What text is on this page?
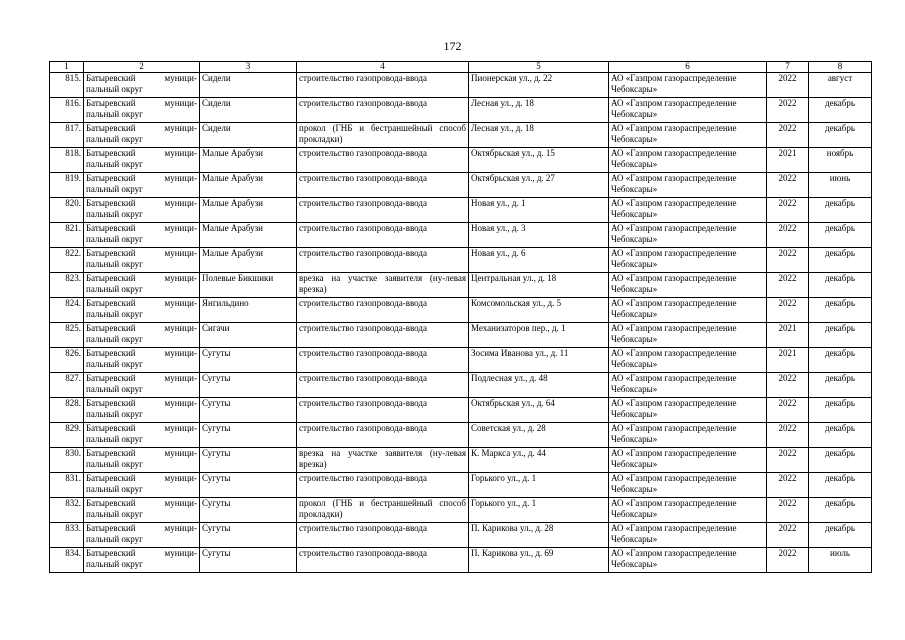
172
1	2	3	4	5	6	7	8
815.	Батыревский муници-пальный округ	Сидели	строительство газопровода-ввода	Пионерская ул., д. 22	АО «Газпром газораспределение Чебоксары»	2022	август
816.	Батыревский муници-пальный округ	Сидели	строительство газопровода-ввода	Лесная ул., д. 18	АО «Газпром газораспределение Чебоксары»	2022	декабрь
817.	Батыревский муници-пальный округ	Сидели	прокол (ГНБ и бестраншейный способ прокладки)	Лесная ул., д. 18	АО «Газпром газораспределение Чебоксары»	2022	декабрь
818.	Батыревский муници-пальный округ	Малые Арабузи	строительство газопровода-ввода	Октябрьская ул., д. 15	АО «Газпром газораспределение Чебоксары»	2021	ноябрь
819.	Батыревский муници-пальный округ	Малые Арабузи	строительство газопровода-ввода	Октябрьская ул., д. 27	АО «Газпром газораспределение Чебоксары»	2022	июнь
820.	Батыревский муници-пальный округ	Малые Арабузи	строительство газопровода-ввода	Новая ул., д. 1	АО «Газпром газораспределение Чебоксары»	2022	декабрь
821.	Батыревский муници-пальный округ	Малые Арабузи	строительство газопровода-ввода	Новая ул., д. 3	АО «Газпром газораспределение Чебоксары»	2022	декабрь
822.	Батыревский муници-пальный округ	Малые Арабузи	строительство газопровода-ввода	Новая ул., д. 6	АО «Газпром газораспределение Чебоксары»	2022	декабрь
823.	Батыревский муници-пальный округ	Полевые Бикшики	врезка на участке заявителя (ну-левая врезка)	Центральная ул., д. 18	АО «Газпром газораспределение Чебоксары»	2022	декабрь
824.	Батыревский муници-пальный округ	Янгильдино	строительство газопровода-ввода	Комсомольская ул., д. 5	АО «Газпром газораспределение Чебоксары»	2022	декабрь
825.	Батыревский муници-пальный округ	Сигачи	строительство газопровода-ввода	Механизаторов пер., д. 1	АО «Газпром газораспределение Чебоксары»	2021	декабрь
826.	Батыревский муници-пальный округ	Сугуты	строительство газопровода-ввода	Зосима Иванова ул., д. 11	АО «Газпром газораспределение Чебоксары»	2021	декабрь
827.	Батыревский муници-пальный округ	Сугуты	строительство газопровода-ввода	Подлесная ул., д. 48	АО «Газпром газораспределение Чебоксары»	2022	декабрь
828.	Батыревский муници-пальный округ	Сугуты	строительство газопровода-ввода	Октябрьская ул., д. 64	АО «Газпром газораспределение Чебоксары»	2022	декабрь
829.	Батыревский муници-пальный округ	Сугуты	строительство газопровода-ввода	Советская ул., д. 28	АО «Газпром газораспределение Чебоксары»	2022	декабрь
830.	Батыревский муници-пальный округ	Сугуты	врезка на участке заявителя (ну-левая врезка)	К. Маркса ул., д. 44	АО «Газпром газораспределение Чебоксары»	2022	декабрь
831.	Батыревский муници-пальный округ	Сугуты	строительство газопровода-ввода	Горького ул., д. 1	АО «Газпром газораспределение Чебоксары»	2022	декабрь
832.	Батыревский муници-пальный округ	Сугуты	прокол (ГНБ и бестраншейный способ прокладки)	Горького ул., д. 1	АО «Газпром газораспределение Чебоксары»	2022	декабрь
833.	Батыревский муници-пальный округ	Сугуты	строительство газопровода-ввода	П. Карикова ул., д. 28	АО «Газпром газораспределение Чебоксары»	2022	декабрь
834.	Батыревский муници-пальный округ	Сугуты	строительство газопровода-ввода	П. Карикова ул., д. 69	АО «Газпром газораспределение Чебоксары»	2022	июль
